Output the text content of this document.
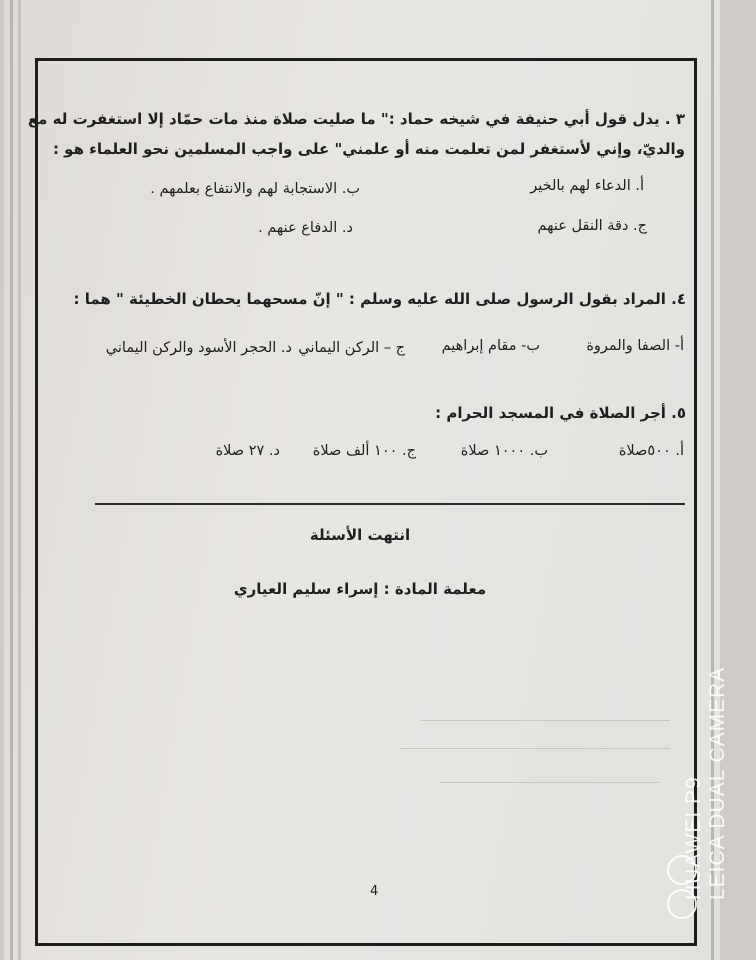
٣ . يدل قول أبي حنيفة في شيخه حماد :" ما صليت صلاة منذ مات حمّاد إلا استغفرت له مع
والديّ، وإني لأستغفر لمن تعلمت منه أو علمني" على واجب المسلمين نحو العلماء هو :
أ. الدعاء لهم بالخير
ب. الاستجابة لهم والانتفاع بعلمهم .
ج. دقة النقل عنهم
د. الدفاع عنهم .
٤. المراد بقول الرسول صلى الله عليه وسلم : " إنّ مسحهما يحطان الخطيئة " هما :
أ- الصفا والمروة
ب- مقام إبراهيم
ج – الركن اليماني
د. الحجر الأسود والركن اليماني
٥. أجر الصلاة في المسجد الحرام :
أ. ٥٠٠صلاة
ب. ١٠٠٠ صلاة
ج. ١٠٠ ألف صلاة
د. ٢٧ صلاة
انتهت الأسئلة
معلمة المادة : إسراء سليم العياري
4	HUAWEI P9 LEICA DUAL CAMERA
